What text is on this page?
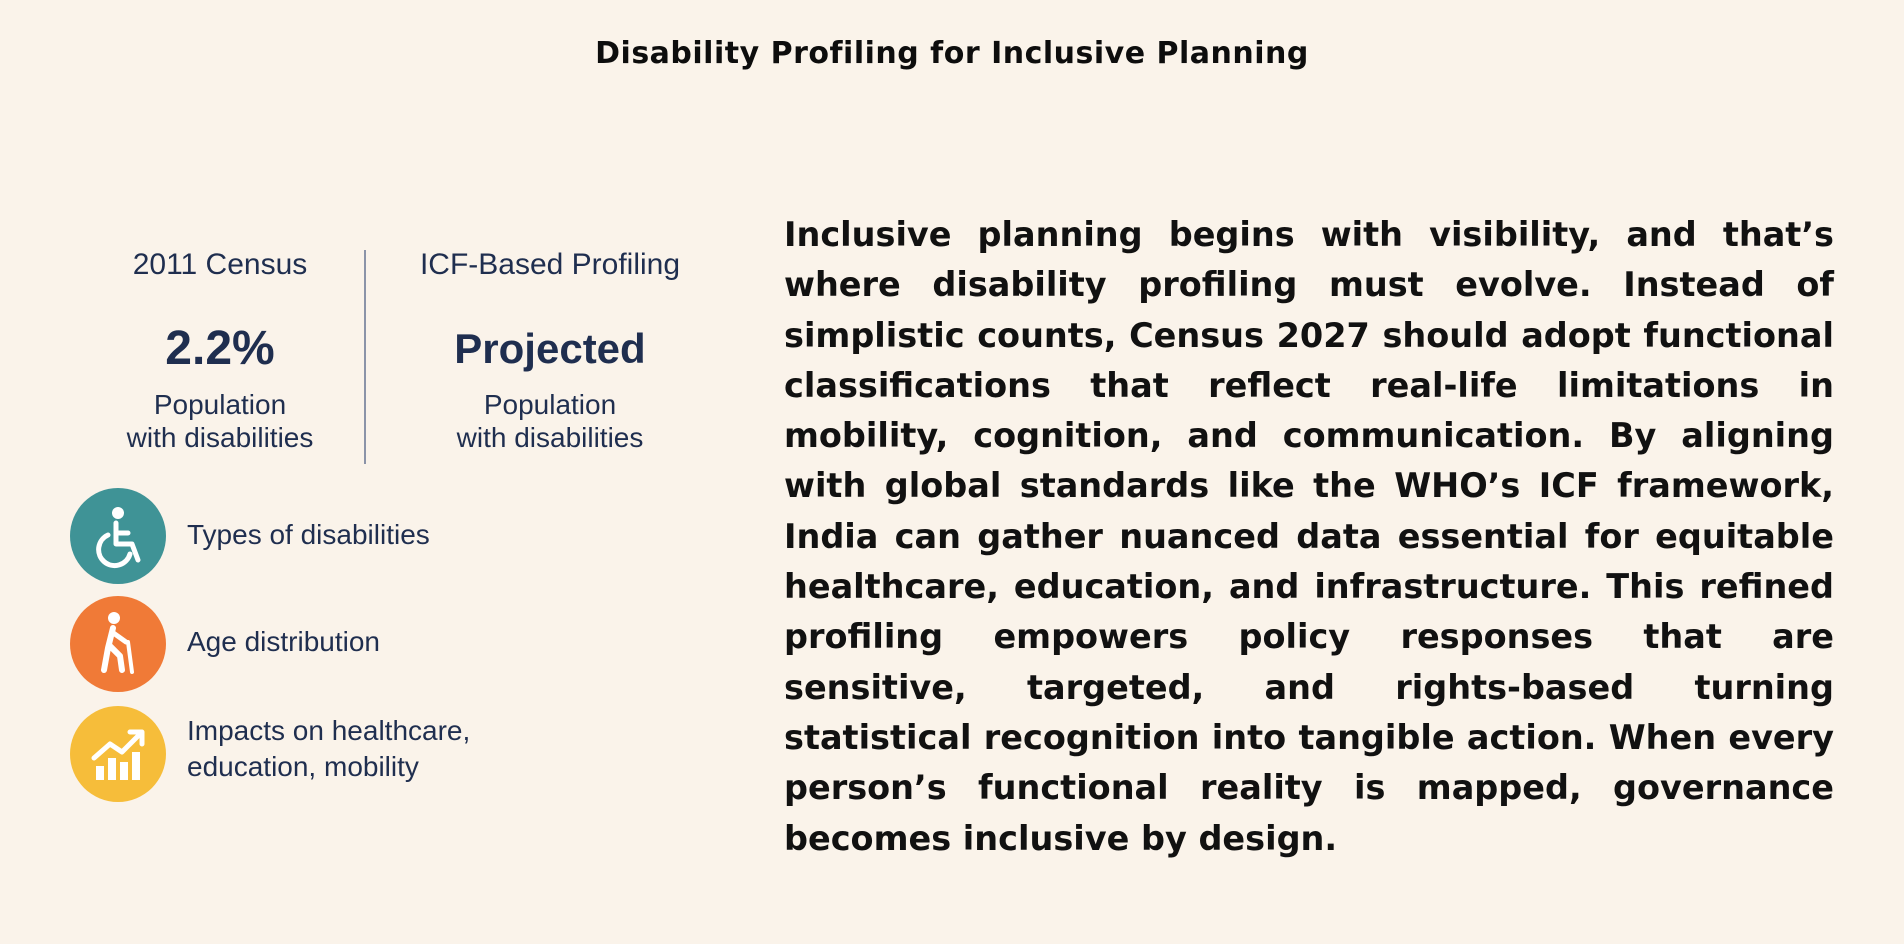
Disability Profiling for Inclusive Planning
2011 Census
2.2%
Population
with disabilities
ICF-Based Profiling
Projected
Population
with disabilities
Types of disabilities
Age distribution
Impacts on healthcare,
education, mobility

Inclusive planning begins with visibility, and that’s where disability profiling must evolve. Instead of simplistic counts, Census 2027 should adopt functional classifications that reflect real-life limitations in mobility, cognition, and communication. By aligning with global standards like the WHO’s ICF framework, India can gather nuanced data essential for equitable healthcare, education, and infrastructure. This refined profiling empowers policy responses that are sensitive, targeted, and rights-based turning statistical recognition into tangible action. When every person’s functional reality is mapped, governance becomes inclusive by design.
